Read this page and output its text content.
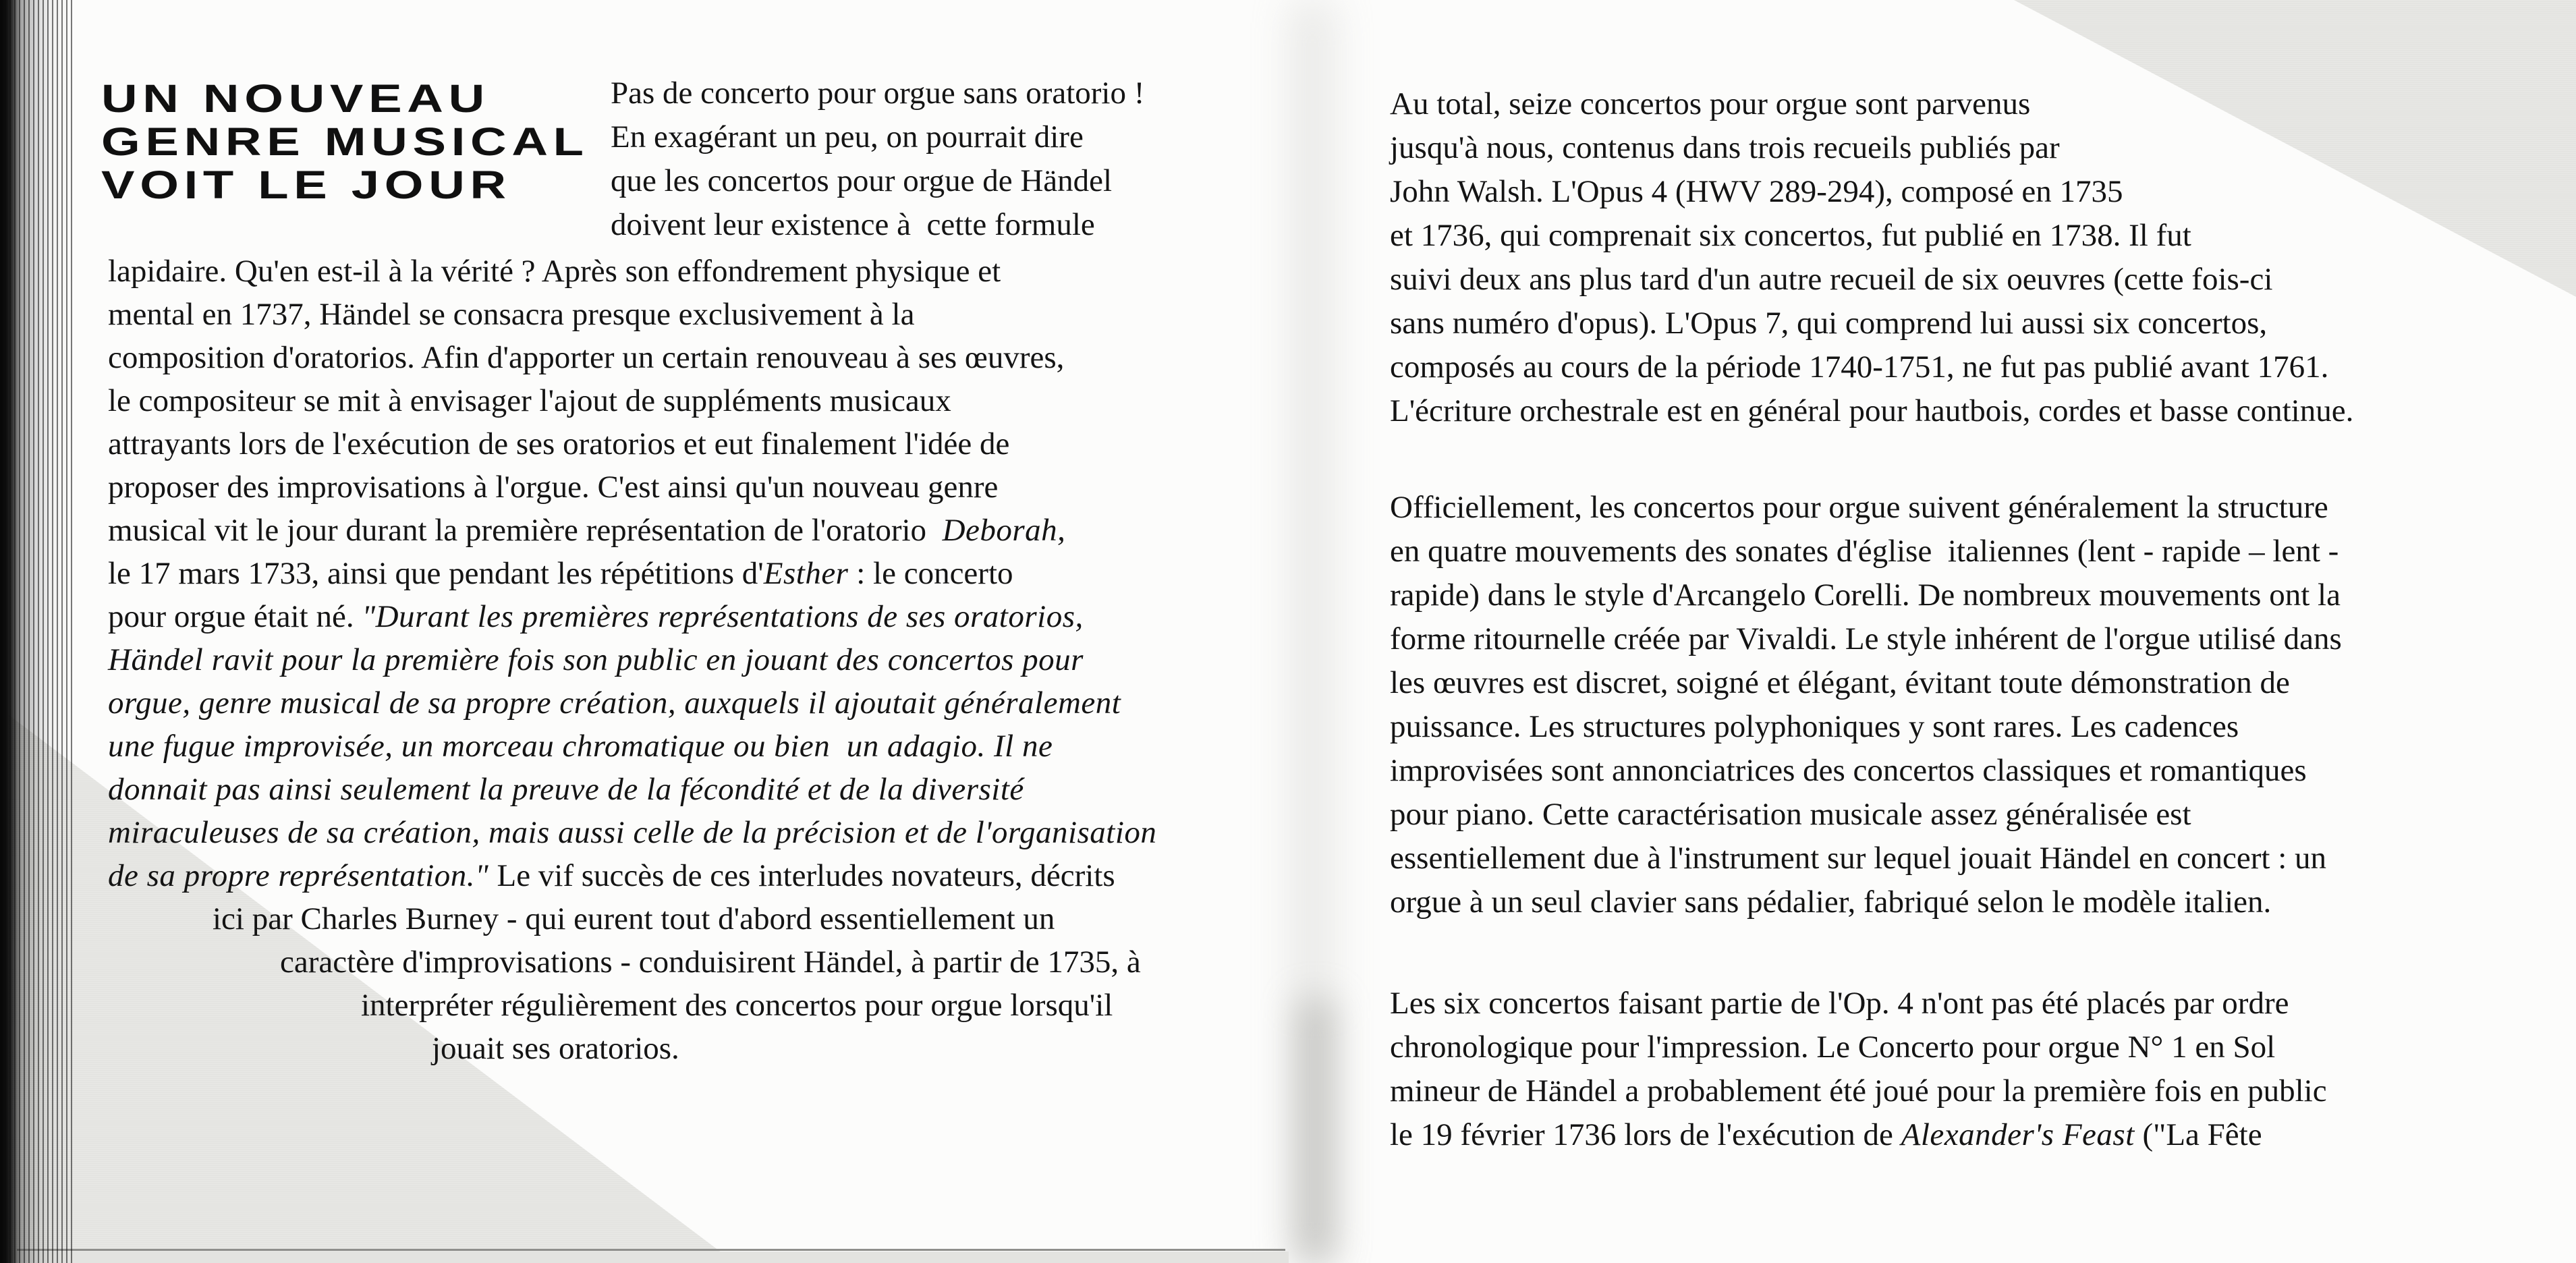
UN NOUVEAU
GENRE MUSICAL
VOIT LE JOUR
Pas de concerto pour orgue sans oratorio !
En exagérant un peu, on pourrait dire
que les concertos pour orgue de Händel
doivent leur existence à  cette formule
lapidaire. Qu'en est-il à la vérité ? Après son effondrement physique et
mental en 1737, Händel se consacra presque exclusivement à la
composition d'oratorios. Afin d'apporter un certain renouveau à ses œuvres,
le compositeur se mit à envisager l'ajout de suppléments musicaux
attrayants lors de l'exécution de ses oratorios et eut finalement l'idée de
proposer des improvisations à l'orgue. C'est ainsi qu'un nouveau genre
musical vit le jour durant la première représentation de l'oratorio  Deborah,
le 17 mars 1733, ainsi que pendant les répétitions d'Esther : le concerto
pour orgue était né. "Durant les premières représentations de ses oratorios,
Händel ravit pour la première fois son public en jouant des concertos pour
orgue, genre musical de sa propre création, auxquels il ajoutait généralement
une fugue improvisée, un morceau chromatique ou bien  un adagio. Il ne
donnait pas ainsi seulement la preuve de la fécondité et de la diversité
miraculeuses de sa création, mais aussi celle de la précision et de l'organisation
de sa propre représentation." Le vif succès de ces interludes novateurs, décrits
ici par Charles Burney - qui eurent tout d'abord essentiellement un
caractère d'improvisations - conduisirent Händel, à partir de 1735, à
interpréter régulièrement des concertos pour orgue lorsqu'il
jouait ses oratorios.
Au total, seize concertos pour orgue sont parvenus
jusqu'à nous, contenus dans trois recueils publiés par
John Walsh. L'Opus 4 (HWV 289-294), composé en 1735
et 1736, qui comprenait six concertos, fut publié en 1738. Il fut
suivi deux ans plus tard d'un autre recueil de six oeuvres (cette fois-ci
sans numéro d'opus). L'Opus 7, qui comprend lui aussi six concertos,
composés au cours de la période 1740-1751, ne fut pas publié avant 1761.
L'écriture orchestrale est en général pour hautbois, cordes et basse continue.
Officiellement, les concertos pour orgue suivent généralement la structure
en quatre mouvements des sonates d'église  italiennes (lent - rapide – lent -
rapide) dans le style d'Arcangelo Corelli. De nombreux mouvements ont la
forme ritournelle créée par Vivaldi. Le style inhérent de l'orgue utilisé dans
les œuvres est discret, soigné et élégant, évitant toute démonstration de
puissance. Les structures polyphoniques y sont rares. Les cadences
improvisées sont annonciatrices des concertos classiques et romantiques
pour piano. Cette caractérisation musicale assez généralisée est
essentiellement due à l'instrument sur lequel jouait Händel en concert : un
orgue à un seul clavier sans pédalier, fabriqué selon le modèle italien.
Les six concertos faisant partie de l'Op. 4 n'ont pas été placés par ordre
chronologique pour l'impression. Le Concerto pour orgue N° 1 en Sol
mineur de Händel a probablement été joué pour la première fois en public
le 19 février 1736 lors de l'exécution de Alexander's Feast ("La Fête
